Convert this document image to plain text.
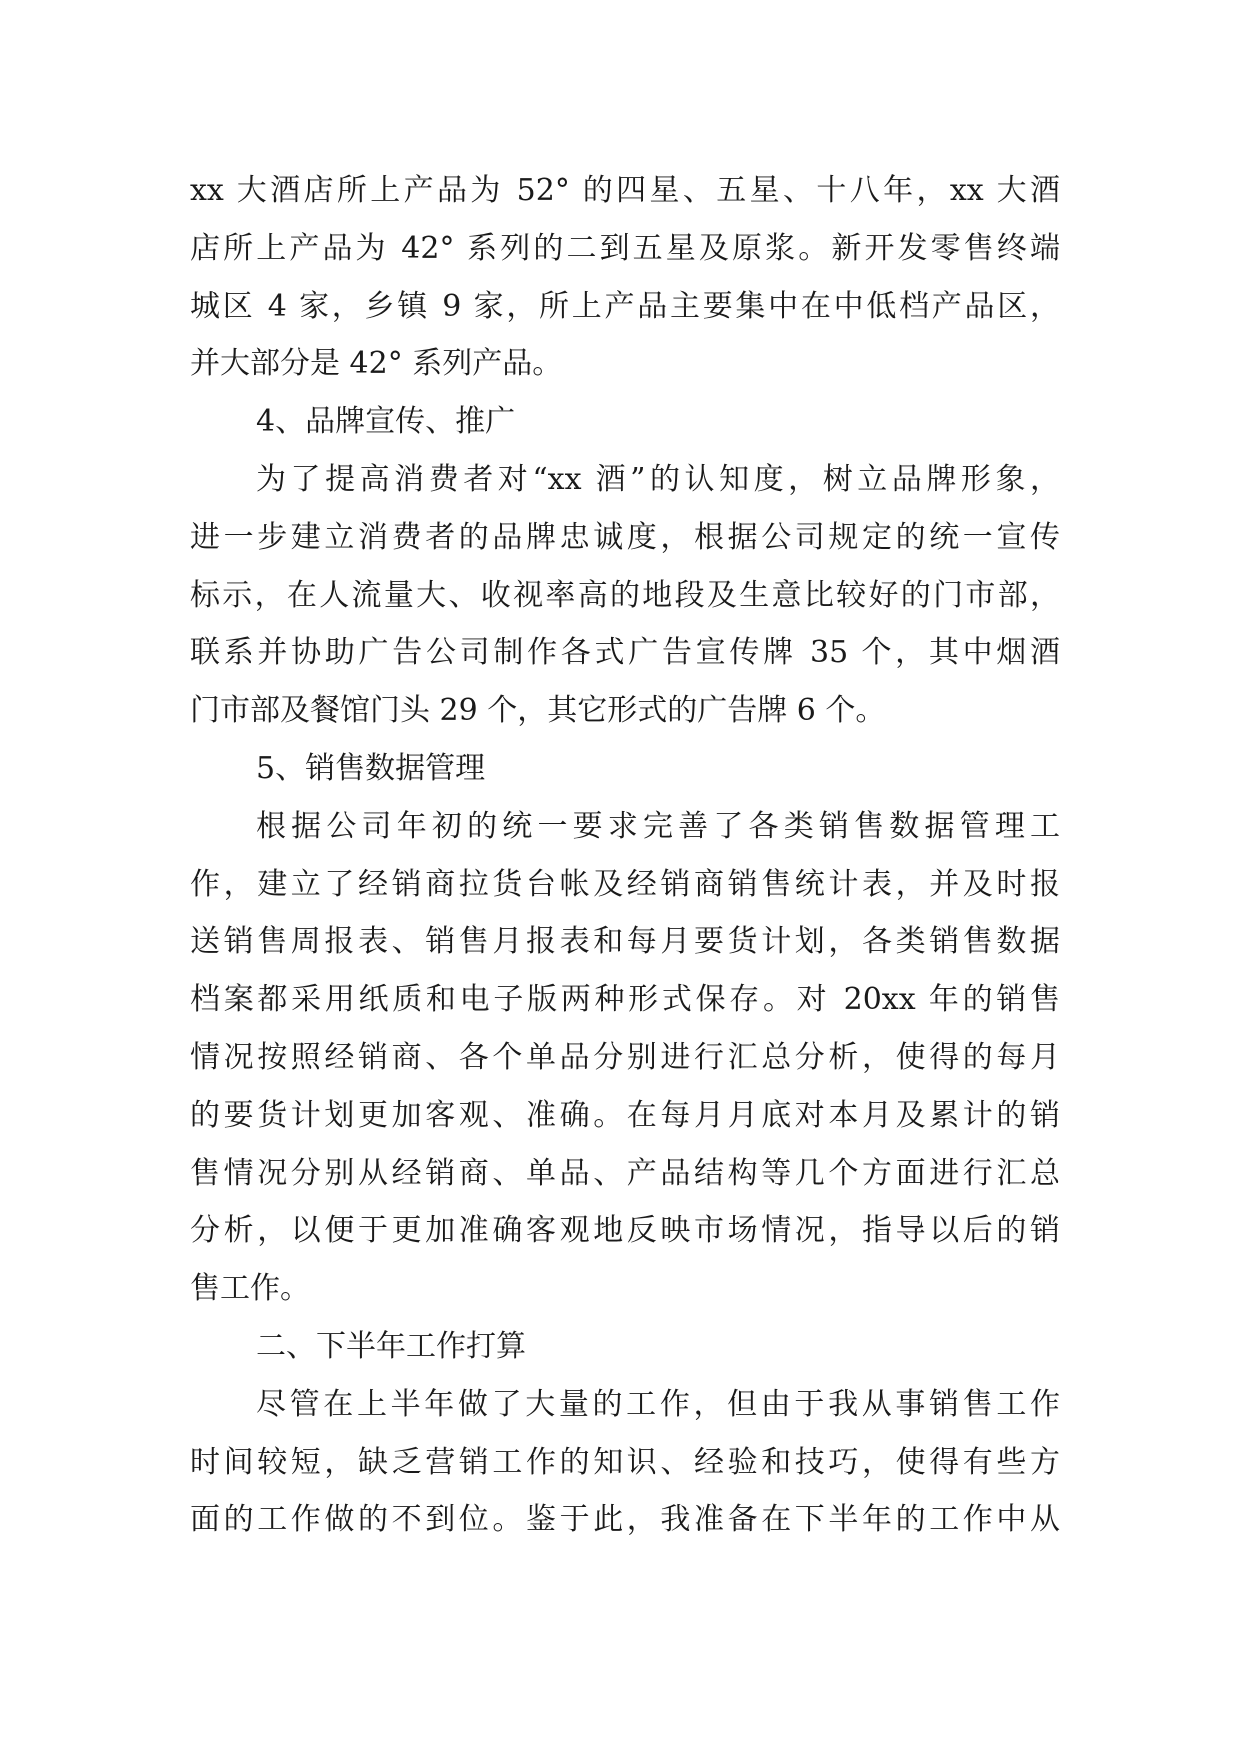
xx 大酒店所上产品为 52° 的四星、五星、十八年，xx 大酒
店所上产品为 42° 系列的二到五星及原浆。新开发零售终端
城区 4 家，乡镇 9 家，所上产品主要集中在中低档产品区，
并大部分是 42° 系列产品。
4、品牌宣传、推广
为了提高消费者对“xx 酒”的认知度，树立品牌形象，
进一步建立消费者的品牌忠诚度，根据公司规定的统一宣传
标示，在人流量大、收视率高的地段及生意比较好的门市部，
联系并协助广告公司制作各式广告宣传牌 35 个，其中烟酒
门市部及餐馆门头 29 个，其它形式的广告牌 6 个。
5、销售数据管理
根据公司年初的统一要求完善了各类销售数据管理工
作，建立了经销商拉货台帐及经销商销售统计表，并及时报
送销售周报表、销售月报表和每月要货计划，各类销售数据
档案都采用纸质和电子版两种形式保存。对 20xx 年的销售
情况按照经销商、各个单品分别进行汇总分析，使得的每月
的要货计划更加客观、准确。在每月月底对本月及累计的销
售情况分别从经销商、单品、产品结构等几个方面进行汇总
分析，以便于更加准确客观地反映市场情况，指导以后的销
售工作。
二、下半年工作打算
尽管在上半年做了大量的工作，但由于我从事销售工作
时间较短，缺乏营销工作的知识、经验和技巧，使得有些方
面的工作做的不到位。鉴于此，我准备在下半年的工作中从
